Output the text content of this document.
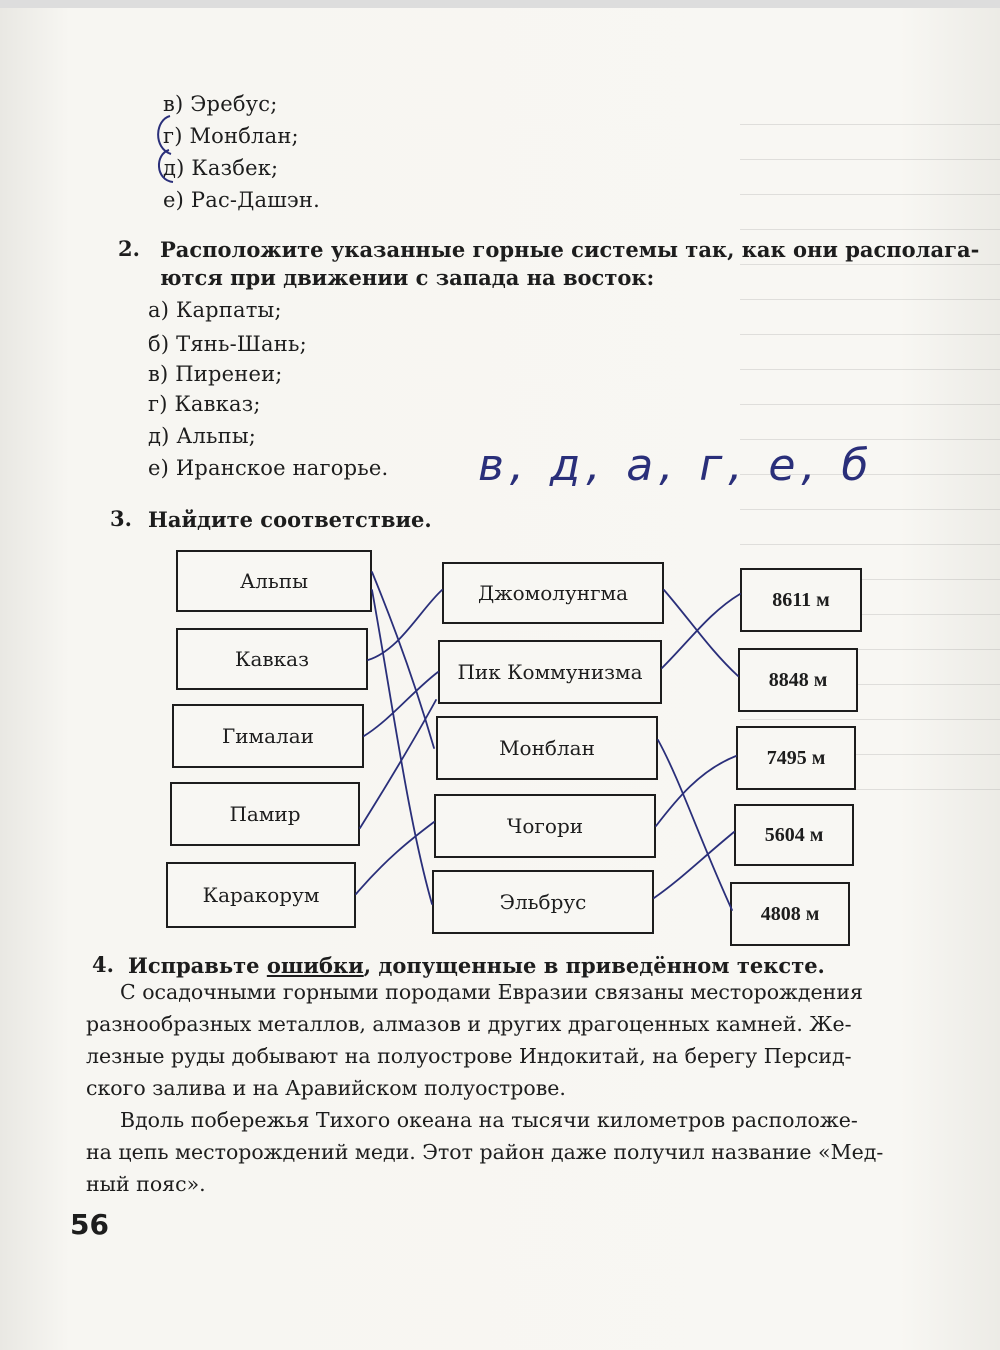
в) Эребус;
г) Монблан;
д) Казбек;
е) Рас-Дашэн.
2. Расположите указанные горные системы так, как они располага-
ются при движении с запада на восток:
а) Карпаты;
б) Тянь-Шань;
в) Пиренеи;
г) Кавказ;
д) Альпы;
е) Иранское нагорье. в, д, а, г, е, б
3. Найдите соответствие.
Альпы
Кавказ
Гималаи
Памир
Каракорум
Джомолунгма
Пик Коммунизма
Монблан
Чогори
Эльбрус
8611 м
8848 м
7495 м
5604 м
4808 м
4. Исправьте ошибки, допущенные в приведённом тексте.
С осадочными горными породами Евразии связаны месторождения
разнообразных металлов, алмазов и других драгоценных камней. Же-
лезные руды добывают на полуострове Индокитай, на берегу Персид-
ского залива и на Аравийском полуострове.
Вдоль побережья Тихого океана на тысячи километров расположе-
на цепь месторождений меди. Этот район даже получил название «Мед-
ный пояс».
56
